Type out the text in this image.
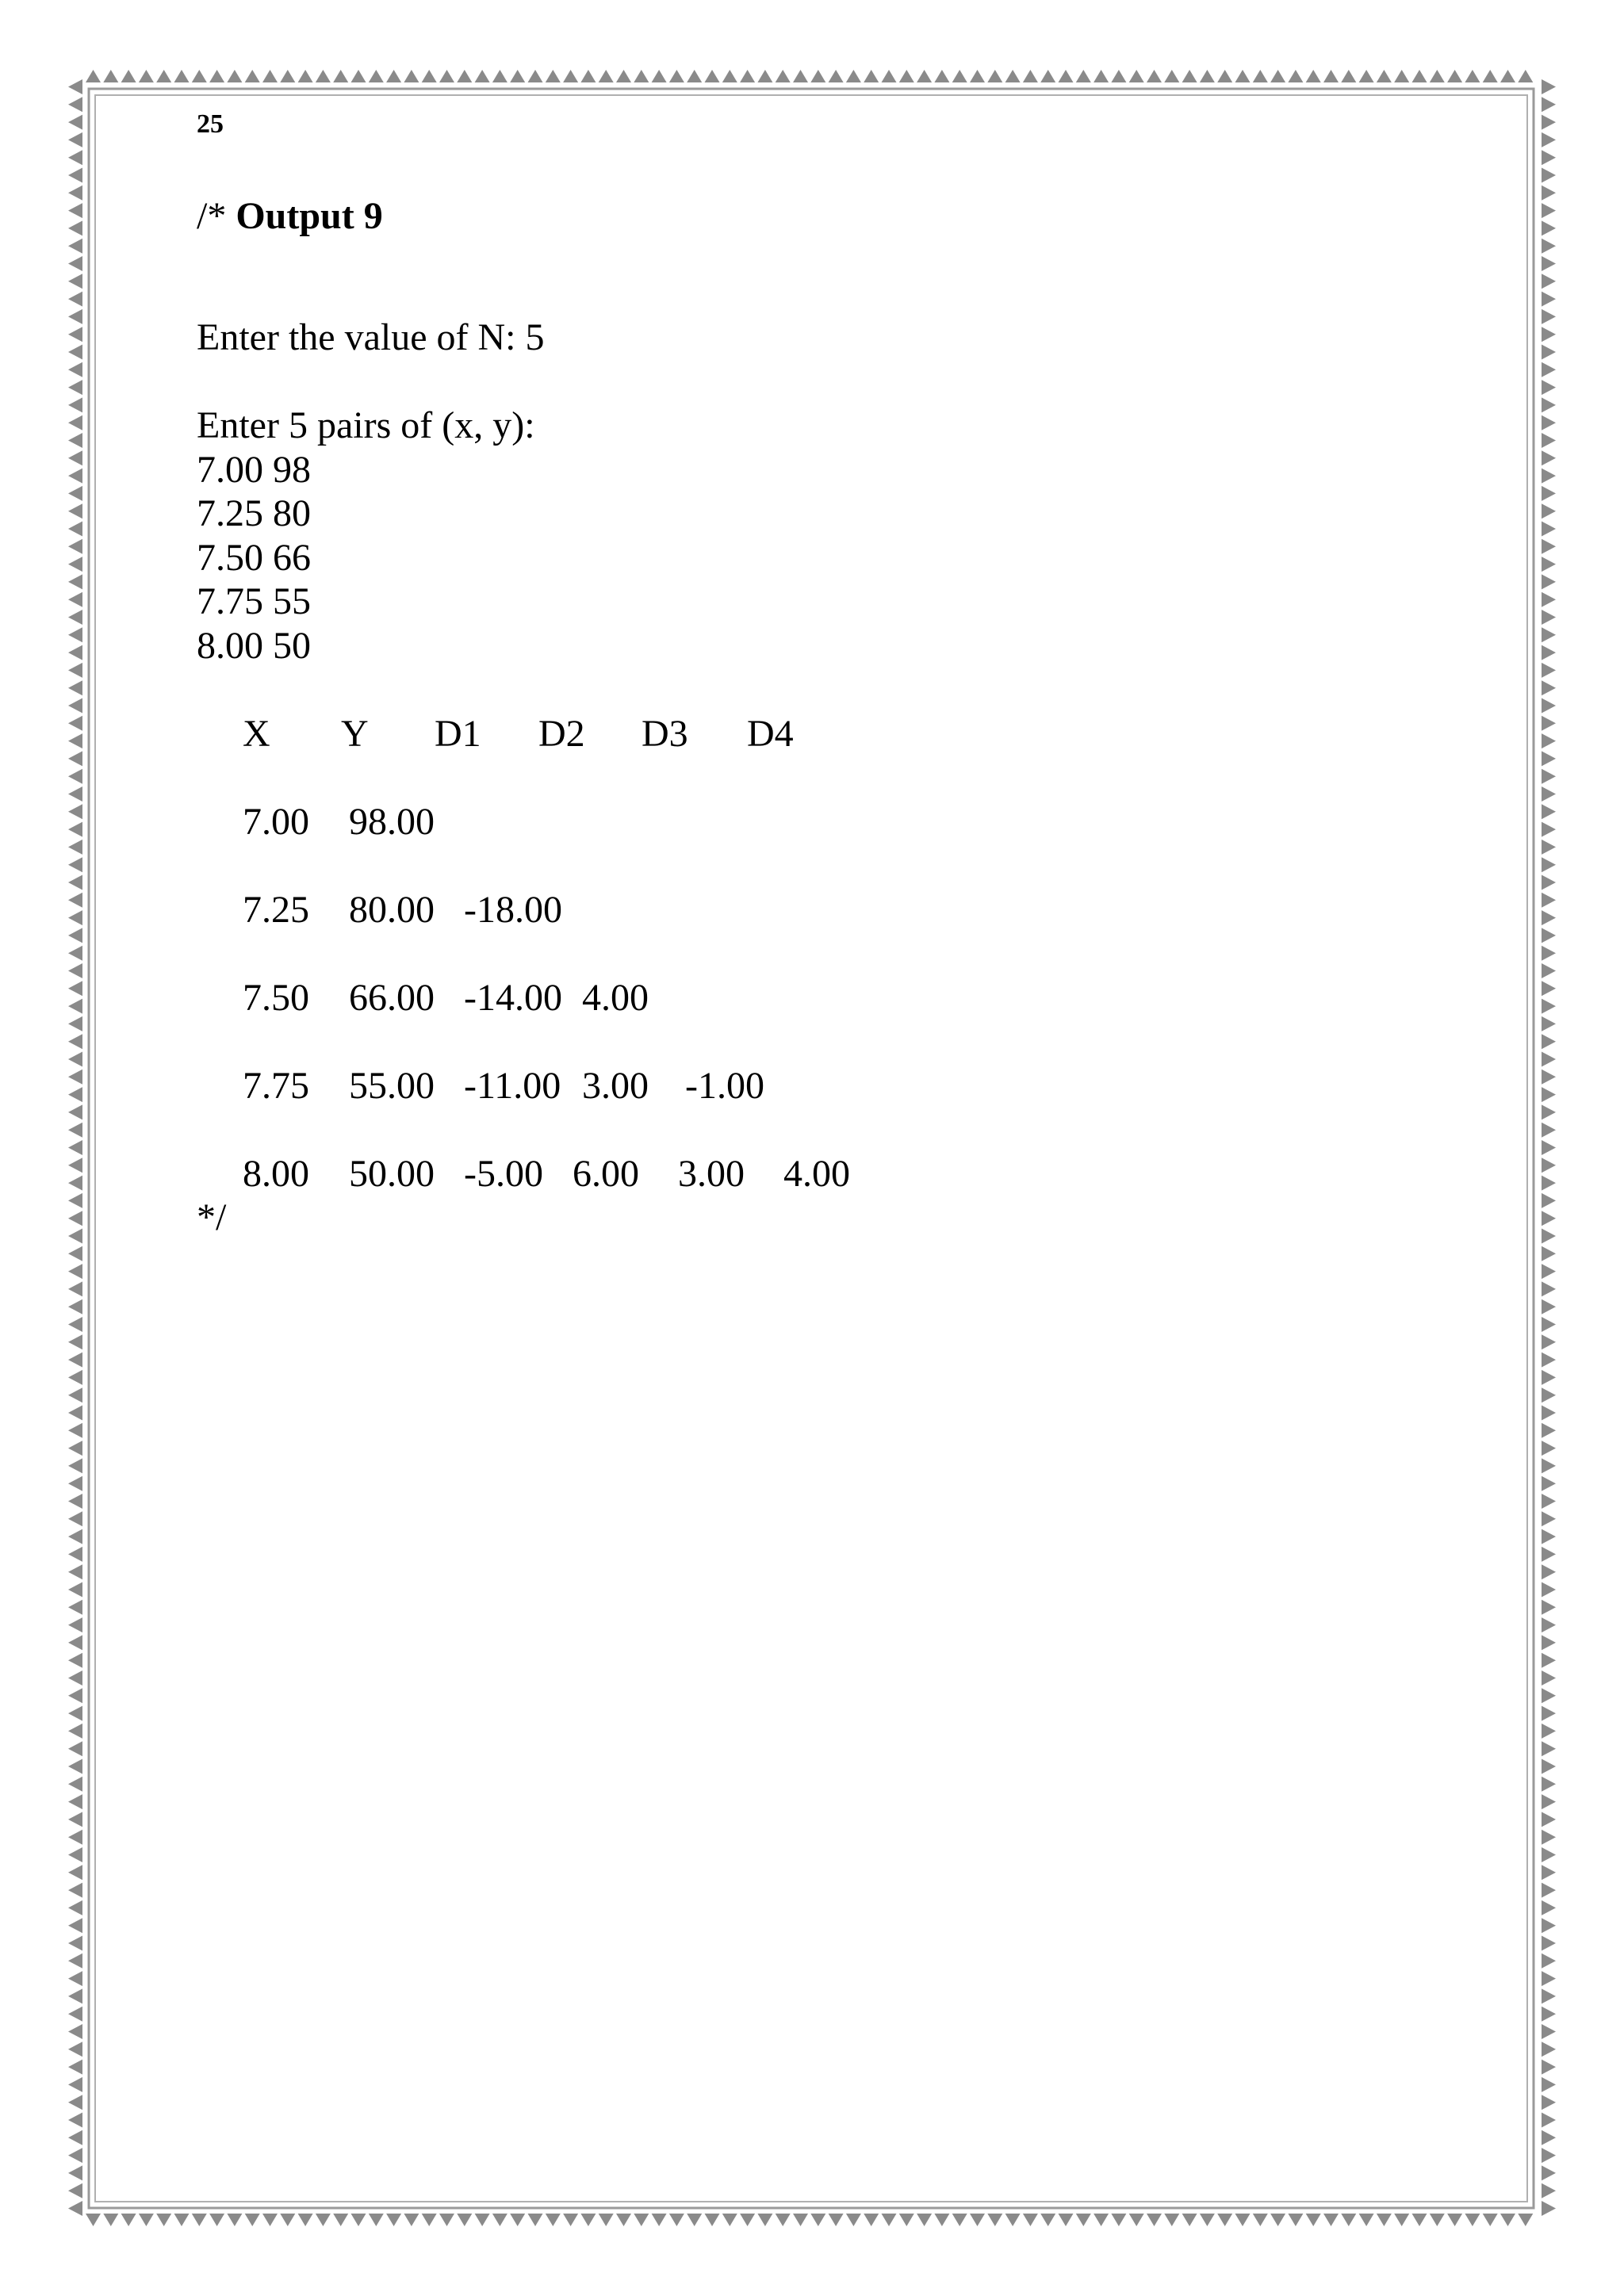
25
/* Output 9
Enter the value of N: 5
Enter 5 pairs of (x, y):
7.00 98
7.25 80
7.50 66
7.75 55
8.00 50
X Y D1 D2 D3 D4
7.00 98.00
7.25 80.00 -18.00
7.50 66.00 -14.00 4.00
7.75 55.00 -11.00 3.00 -1.00
8.00 50.00 -5.00 6.00 3.00 4.00
*/
